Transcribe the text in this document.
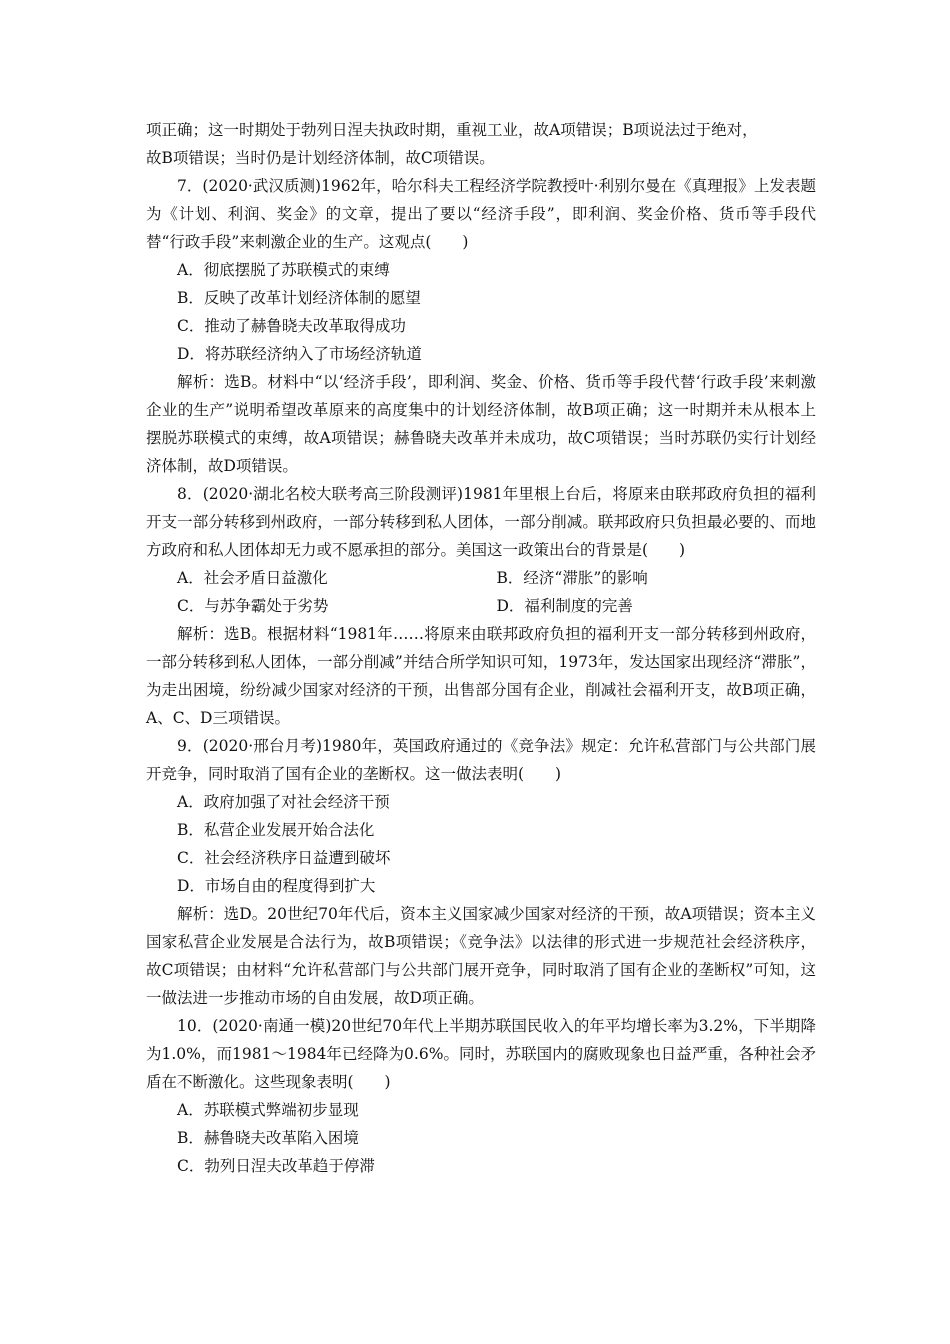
项正确；这一时期处于勃列日涅夫执政时期，重视工业，故A项错误；B项说法过于绝对，

故B项错误；当时仍是计划经济体制，故C项错误。

7．(2020·武汉质测)1962年，哈尔科夫工程经济学院教授叶·利别尔曼在《真理报》上发表题为《计划、利润、奖金》的文章，提出了要以“经济手段”，即利润、奖金价格、货币等手段代替“行政手段”来刺激企业的生产。这观点(　　)

A．彻底摆脱了苏联模式的束缚

B．反映了改革计划经济体制的愿望

C．推动了赫鲁晓夫改革取得成功

D．将苏联经济纳入了市场经济轨道

解析：选B。材料中“以‘经济手段’，即利润、奖金、价格、货币等手段代替‘行政手段’来刺激企业的生产”说明希望改革原来的高度集中的计划经济体制，故B项正确；这一时期并未从根本上摆脱苏联模式的束缚，故A项错误；赫鲁晓夫改革并未成功，故C项错误；当时苏联仍实行计划经济体制，故D项错误。

8．(2020·湖北名校大联考高三阶段测评)1981年里根上台后，将原来由联邦政府负担的福利开支一部分转移到州政府，一部分转移到私人团体，一部分削减。联邦政府只负担最必要的、而地方政府和私人团体却无力或不愿承担的部分。美国这一政策出台的背景是(　　)

A．社会矛盾日益激化	B．经济“滞胀”的影响
C．与苏争霸处于劣势	D．福利制度的完善

解析：选B。根据材料“1981年……将原来由联邦政府负担的福利开支一部分转移到州政府，一部分转移到私人团体，一部分削减”并结合所学知识可知，1973年，发达国家出现经济“滞胀”，为走出困境，纷纷减少国家对经济的干预，出售部分国有企业，削减社会福利开支，故B项正确，A、C、D三项错误。

9．(2020·邢台月考)1980年，英国政府通过的《竞争法》规定：允许私营部门与公共部门展开竞争，同时取消了国有企业的垄断权。这一做法表明(　　)

A．政府加强了对社会经济干预

B．私营企业发展开始合法化

C．社会经济秩序日益遭到破坏

D．市场自由的程度得到扩大

解析：选D。20世纪70年代后，资本主义国家减少国家对经济的干预，故A项错误；资本主义国家私营企业发展是合法行为，故B项错误；《竞争法》以法律的形式进一步规范社会经济秩序，故C项错误；由材料“允许私营部门与公共部门展开竞争，同时取消了国有企业的垄断权”可知，这一做法进一步推动市场的自由发展，故D项正确。

10．(2020·南通一模)20世纪70年代上半期苏联国民收入的年平均增长率为3.2%，下半期降为1.0%，而1981～1984年已经降为0.6%。同时，苏联国内的腐败现象也日益严重，各种社会矛盾在不断激化。这些现象表明(　　)

A．苏联模式弊端初步显现

B．赫鲁晓夫改革陷入困境

C．勃列日涅夫改革趋于停滞
